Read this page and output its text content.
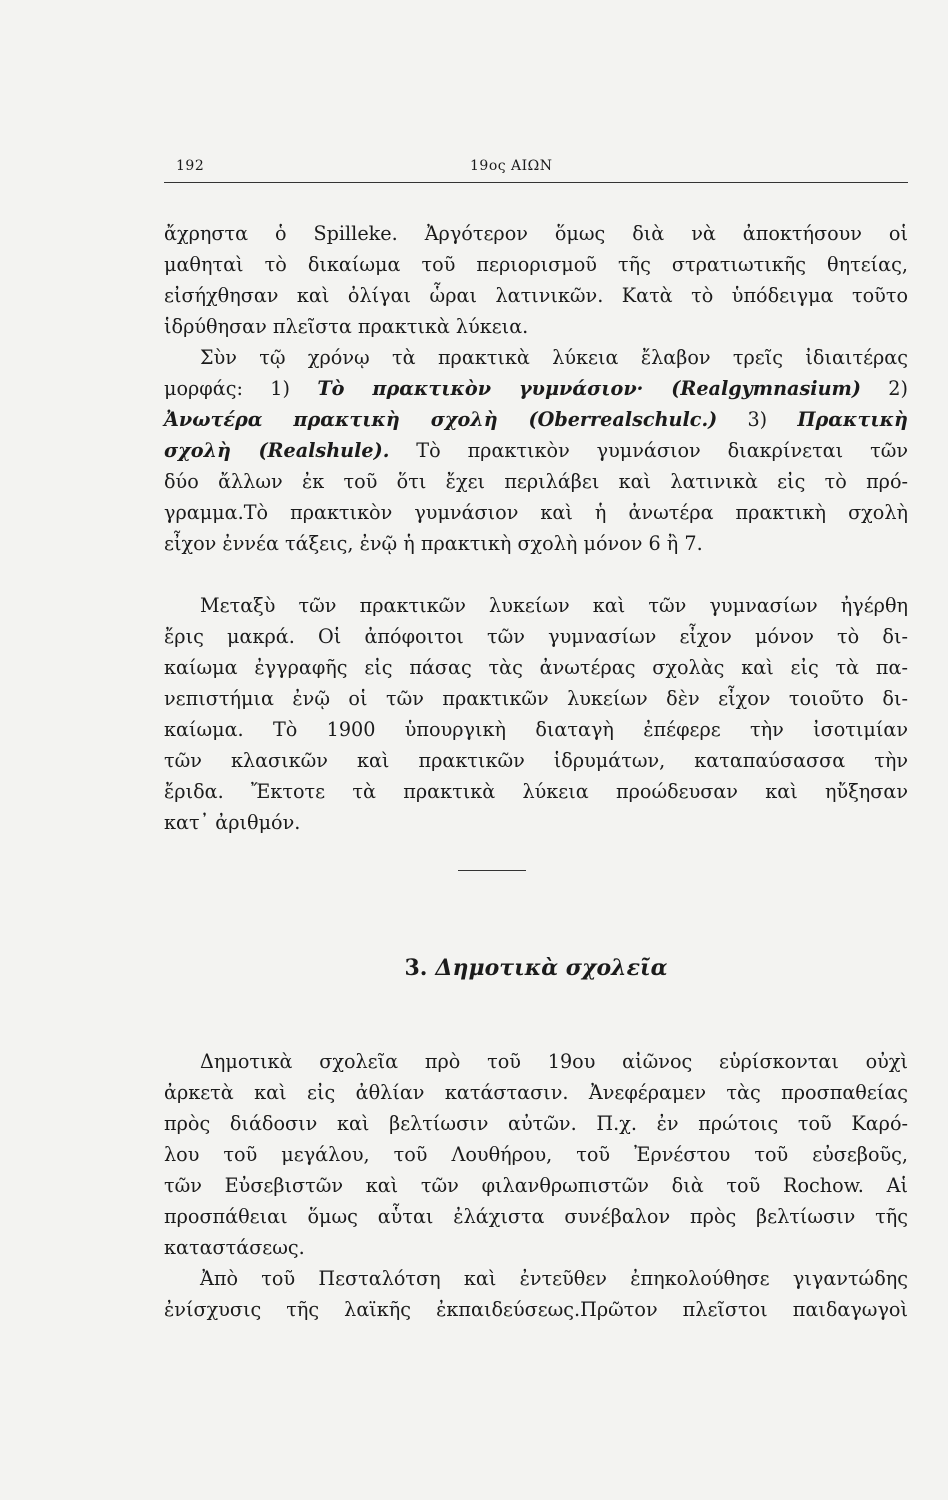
192	19ος ΑΙΩΝ
ἄχρηστα ὁ Spilleke. Ἀργότερον ὅμως διὰ νὰ ἀποκτήσουν οἱ
μαθηταὶ τὸ δικαίωμα τοῦ περιορισμοῦ τῆς στρατιωτικῆς θητείας,
εἰσήχθησαν καὶ ὀλίγαι ὧραι λατινικῶν. Κατὰ τὸ ὑπόδειγμα τοῦτο
ἱδρύθησαν πλεῖστα πρακτικὰ λύκεια.
Σὺν τῷ χρόνῳ τὰ πρακτικὰ λύκεια ἔλαβον τρεῖς ἰδιαιτέρας
μορφάς: 1) Τὸ πρακτικὸν γυμνάσιον· (Realgymnasium) 2)
Ἀνωτέρα πρακτικὴ σχολὴ (Oberrealschulc.) 3) Πρακτικὴ
σχολὴ (Realshule). Τὸ πρακτικὸν γυμνάσιον διακρίνεται τῶν
δύο ἄλλων ἐκ τοῦ ὅτι ἔχει περιλάβει καὶ λατινικὰ εἰς τὸ πρό-
γραμμα.Τὸ πρακτικὸν γυμνάσιον καὶ ἡ ἀνωτέρα πρακτικὴ σχολὴ
εἶχον ἐννέα τάξεις, ἐνῷ ἡ πρακτικὴ σχολὴ μόνον 6 ἢ 7.
Μεταξὺ τῶν πρακτικῶν λυκείων καὶ τῶν γυμνασίων ἠγέρθη
ἔρις μακρά. Οἱ ἀπόφοιτοι τῶν γυμνασίων εἶχον μόνον τὸ δι-
καίωμα ἐγγραφῆς εἰς πάσας τὰς ἀνωτέρας σχολὰς καὶ εἰς τὰ πα-
νεπιστήμια ἐνῷ οἱ τῶν πρακτικῶν λυκείων δὲν εἶχον τοιοῦτο δι-
καίωμα. Τὸ 1900 ὑπουργικὴ διαταγὴ ἐπέφερε τὴν ἰσοτιμίαν
τῶν κλασικῶν καὶ πρακτικῶν ἱδρυμάτων, καταπαύσασσα τὴν
ἔριδα. Ἔκτοτε τὰ πρακτικὰ λύκεια προώδευσαν καὶ ηὔξησαν
κατ᾽ ἀριθμόν.
3. Δημοτικὰ σχολεῖα
Δημοτικὰ σχολεῖα πρὸ τοῦ 19ου αἰῶνος εὑρίσκονται οὐχὶ
ἀρκετὰ καὶ εἰς ἀθλίαν κατάστασιν. Ἀνεφέραμεν τὰς προσπαθείας
πρὸς διάδοσιν καὶ βελτίωσιν αὐτῶν. Π.χ. ἐν πρώτοις τοῦ Καρό-
λου τοῦ μεγάλου, τοῦ Λουθήρου, τοῦ Ἐρνέστου τοῦ εὐσεβοῦς,
τῶν Εὐσεβιστῶν καὶ τῶν φιλανθρωπιστῶν διὰ τοῦ Rochow. Αἱ
προσπάθειαι ὅμως αὗται ἐλάχιστα συνέβαλον πρὸς βελτίωσιν τῆς
καταστάσεως.
Ἀπὸ τοῦ Πεσταλότση καὶ ἐντεῦθεν ἐπηκολούθησε γιγαντώδης
ἐνίσχυσις τῆς λαϊκῆς ἐκπαιδεύσεως.Πρῶτον πλεῖστοι παιδαγωγοὶ
